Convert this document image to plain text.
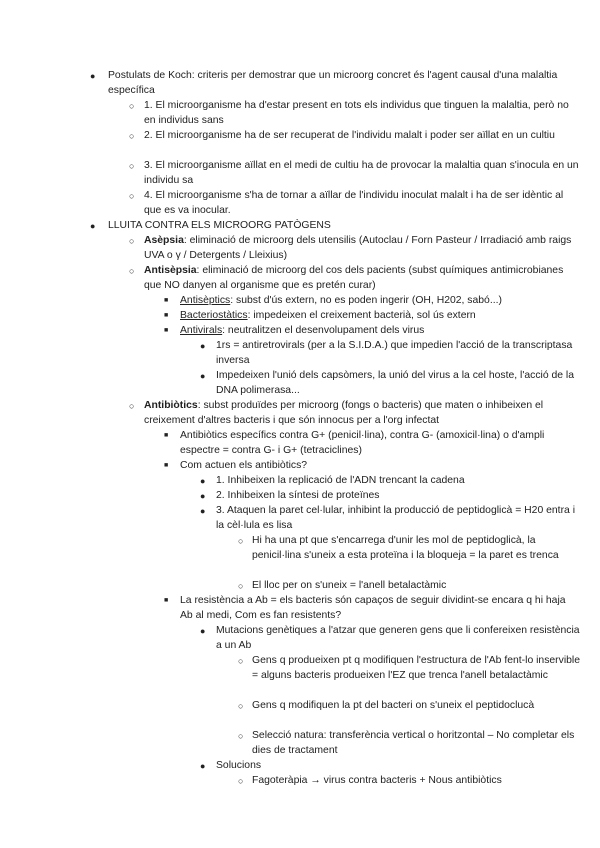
● Postulats de Koch: criteris per demostrar que un microorg concret és l'agent causal d'una malaltia específica
○ 1. El microorganisme ha d'estar present en tots els individus que tinguen la malaltia, però no en individus sans
○ 2. El microorganisme ha de ser recuperat de l'individu malalt i poder ser aïllat en un cultiu
○ 3. El microorganisme aïllat en el medi de cultiu ha de provocar la malaltia quan s'inocula en un individu sa
○ 4. El microorganisme s'ha de tornar a aïllar de l'individu inoculat malalt i ha de ser idèntic al que es va inocular.
● LLUITA CONTRA ELS MICROORG PATÒGENS
○ Asèpsia: eliminació de microorg dels utensilis (Autoclau / Forn Pasteur / Irradiació amb raigs UVA o γ / Detergents / Lleixius)
○ Antisèpsia: eliminació de microorg del cos dels pacients (subst químiques antimicrobianes que NO danyen al organisme que es pretén curar)
■ Antisèptics: subst d'ús extern, no es poden ingerir (OH, H202, sabó...)
■ Bacteriostàtics: impedeixen el creixement bacterià, sol ús extern
■ Antivirals: neutralitzen el desenvolupament dels virus
● 1rs = antiretrovirals (per a la S.I.D.A.) que impedien l'acció de la transcriptasa inversa
● Impedeixen l'unió dels capsòmers, la unió del virus a la cel hoste, l'acció de la DNA polimerasa...
○ Antibiòtics: subst produïdes per microorg (fongs o bacteris) que maten o inhibeixen el creixement d'altres bacteris i que són innocus per a l'org infectat
■ Antibiòtics específics contra G+ (penicil·lina), contra G- (amoxicil·lina) o d'ampli espectre = contra G- i G+ (tetraciclines)
■ Com actuen els antibiòtics?
● 1. Inhibeixen la replicació de l'ADN trencant la cadena
● 2. Inhibeixen la síntesi de proteïnes
● 3. Ataquen la paret cel·lular, inhibint la producció de peptidoglicà = H20 entra i la cèl·lula es lisa
○ Hi ha una pt que s'encarrega d'unir les mol de peptidoglicà, la penicil·lina s'uneix a esta proteïna i la bloqueja = la paret es trenca
○ El lloc per on s'uneix = l'anell betalactàmic
■ La resistència a Ab = els bacteris són capaços de seguir dividint-se encara q hi haja Ab al medi, Com es fan resistents?
● Mutacions genètiques a l'atzar que generen gens que li confereixen resistència a un Ab
○ Gens q produeixen pt q modifiquen l'estructura de l'Ab fent-lo inservible = alguns bacteris produeixen l'EZ que trenca l'anell betalactàmic
○ Gens q modifiquen la pt del bacteri on s'uneix el peptidoclucà
○ Selecció natura: transferència vertical o horitzontal – No completar els dies de tractament
● Solucions
○ Fagoteràpia → virus contra bacteris + Nous antibiòtics
